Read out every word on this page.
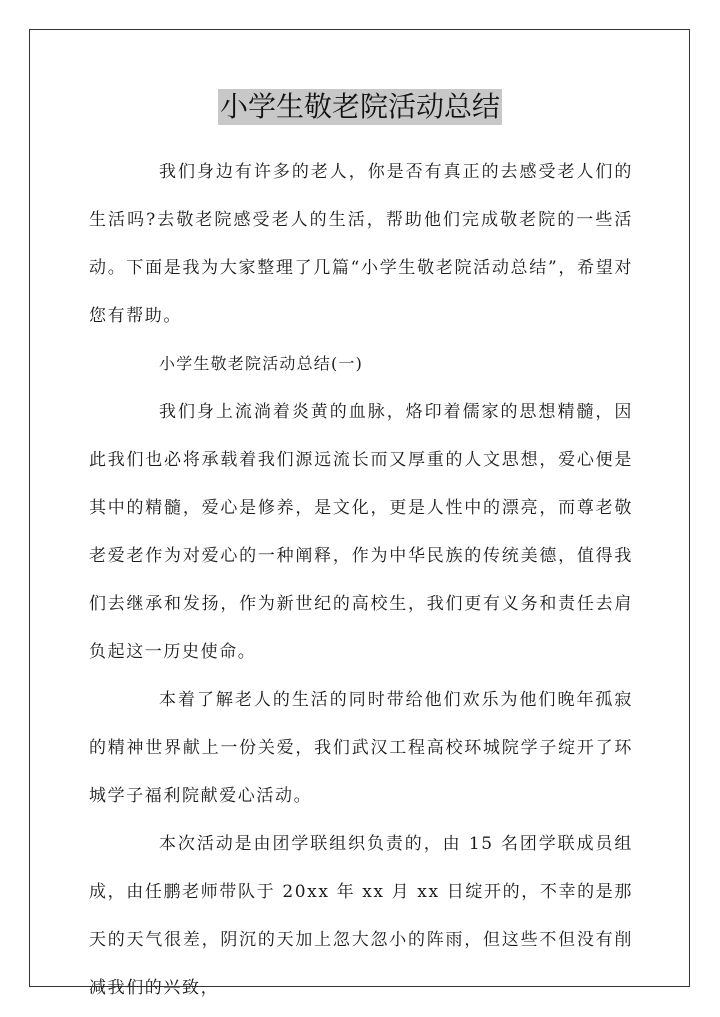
小学生敬老院活动总结

我们身边有许多的老人，你是否有真正的去感受老人们的生活吗?去敬老院感受老人的生活，帮助他们完成敬老院的一些活动。下面是我为大家整理了几篇“小学生敬老院活动总结”，希望对您有帮助。

小学生敬老院活动总结(一)

我们身上流淌着炎黄的血脉，烙印着儒家的思想精髓，因此我们也必将承载着我们源远流长而又厚重的人文思想，爱心便是其中的精髓，爱心是修养，是文化，更是人性中的漂亮，而尊老敬老爱老作为对爱心的一种阐释，作为中华民族的传统美德，值得我们去继承和发扬，作为新世纪的高校生，我们更有义务和责任去肩负起这一历史使命。

本着了解老人的生活的同时带给他们欢乐为他们晚年孤寂的精神世界献上一份关爱，我们武汉工程高校环城院学子绽开了环城学子福利院献爱心活动。

本次活动是由团学联组织负责的，由 15 名团学联成员组成，由任鹏老师带队于 20xx 年 xx 月 xx 日绽开的，不幸的是那天的天气很差，阴沉的天加上忽大忽小的阵雨，但这些不但没有削减我们的兴致，
